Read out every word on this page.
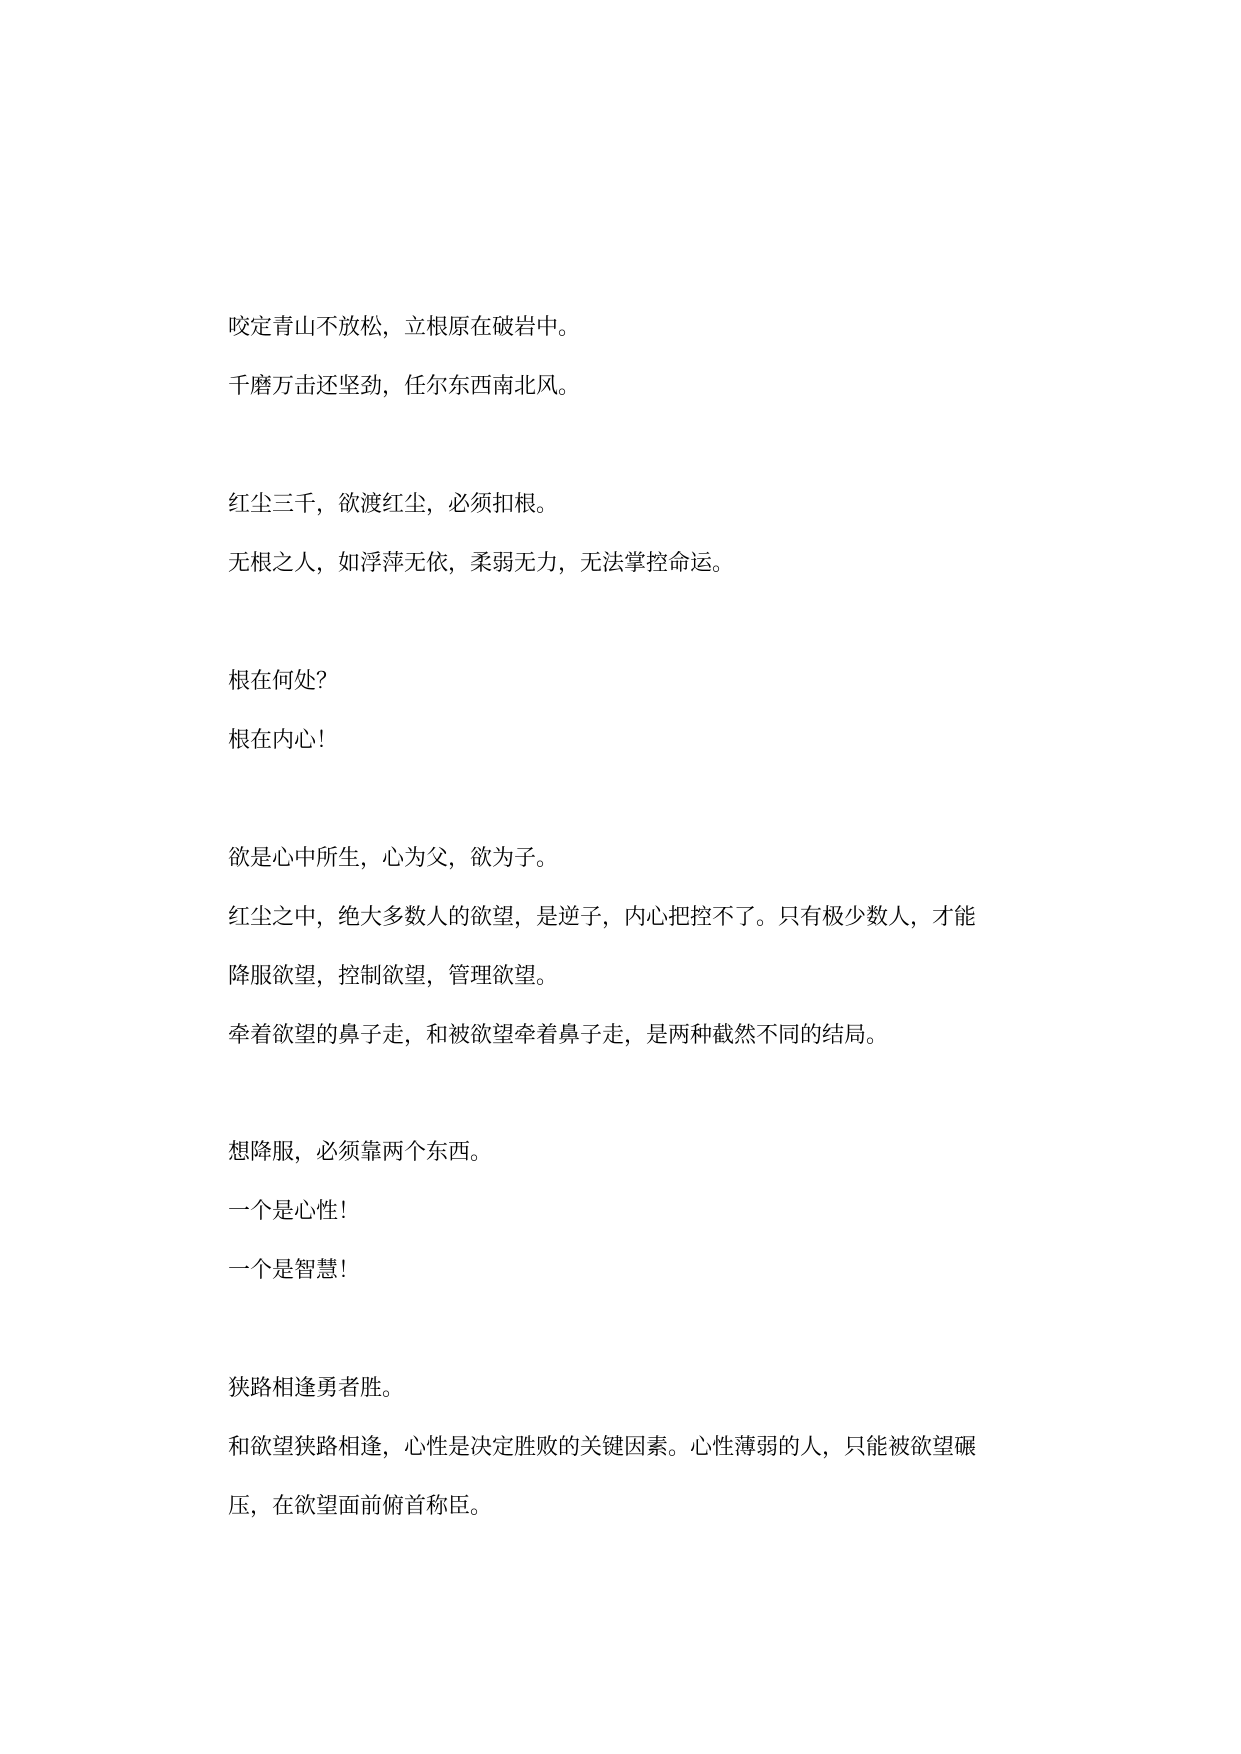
咬定青山不放松，立根原在破岩中。

千磨万击还坚劲，任尔东西南北风。

红尘三千，欲渡红尘，必须扣根。

无根之人，如浮萍无依，柔弱无力，无法掌控命运。

根在何处？

根在内心！

欲是心中所生，心为父，欲为子。

红尘之中，绝大多数人的欲望，是逆子，内心把控不了。只有极少数人，才能

降服欲望，控制欲望，管理欲望。

牵着欲望的鼻子走，和被欲望牵着鼻子走，是两种截然不同的结局。

想降服，必须靠两个东西。

一个是心性！

一个是智慧！

狭路相逢勇者胜。

和欲望狭路相逢，心性是决定胜败的关键因素。心性薄弱的人，只能被欲望碾

压，在欲望面前俯首称臣。
